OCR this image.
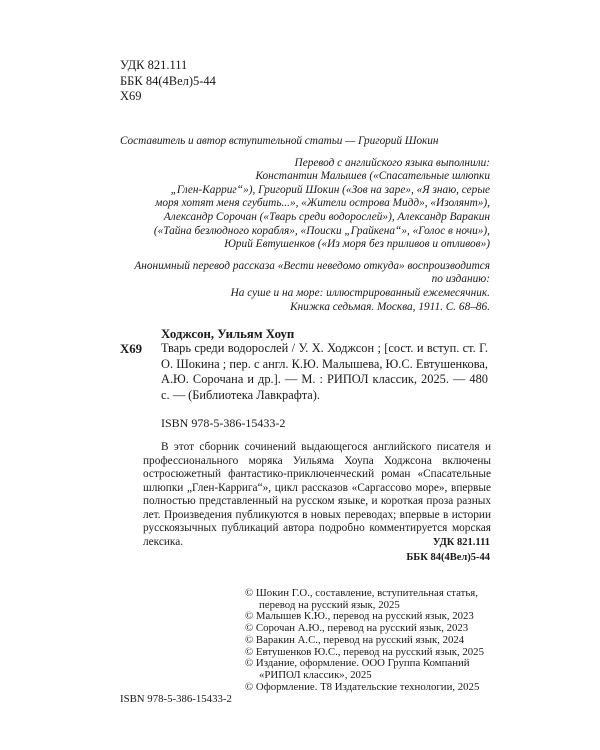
УДК 821.111
ББК 84(4Вел)5-44
Х69

Составитель и автор вступительной статьи — Григорий Шокин

Перевод с английского языка выполнили:

Константин Малышев («Спасательные шлюпки

„Глен-Карриг“»), Григорий Шокин («Зов на заре», «Я знаю, серые

моря хотят меня сгубить...», «Жители острова Мидд», «Изолянт»),

Александр Сорочан («Тварь среди водорослей»), Александр Варакин

(«Тайна безлюдного корабля», «Поиски „Грайкена“», «Голос в ночи»),

Юрий Евтушенков («Из моря без приливов и отливов»)

Анонимный перевод рассказа «Вести неведомо откуда» воспроизводится

по изданию:

На суше и на море: иллюстрированный ежемесячник.

Книжка седьмая. Москва, 1911. С. 68–86.

Ходжсон, Уильям Хоуп
Х69 Тварь среди водорослей / У. Х. Ходжсон ; [сост. и вступ. ст. Г. О. Шокина ; пер. с англ. К.Ю. Малышева, Ю.С. Евтушенкова, А.Ю. Сорочана и др.]. — М. : РИПОЛ классик, 2025. — 480 с. — (Библиотека Лавкрафта).
ISBN 978-5-386-15433-2
В этот сборник сочинений выдающегося английского писателя и профессионального моряка Уильяма Хоупа Ходжсона включены остросюжетный фантастико-приключенческий роман «Спасательные шлюпки „Глен-Каррига“», цикл рассказов «Саргассово море», впервые полностью представленный на русском языке, и короткая проза разных лет. Произведения публикуются в новых переводах; впервые в истории русскоязычных публикаций автора подробно комментируется морская лексика.	УДК 821.111
ББК 84(4Вел)5-44

© Шокин Г.О., составление, вступительная статья,
перевод на русский язык, 2025

© Малышев К.Ю., перевод на русский язык, 2023

© Сорочан А.Ю., перевод на русский язык, 2023

© Варакин А.С., перевод на русский язык, 2024

© Евтушенков Ю.С., перевод на русский язык, 2025

© Издание, оформление. ООО Группа Компаний
«РИПОЛ классик», 2025

© Оформление. Т8 Издательские технологии, 2025

ISBN 978-5-386-15433-2
